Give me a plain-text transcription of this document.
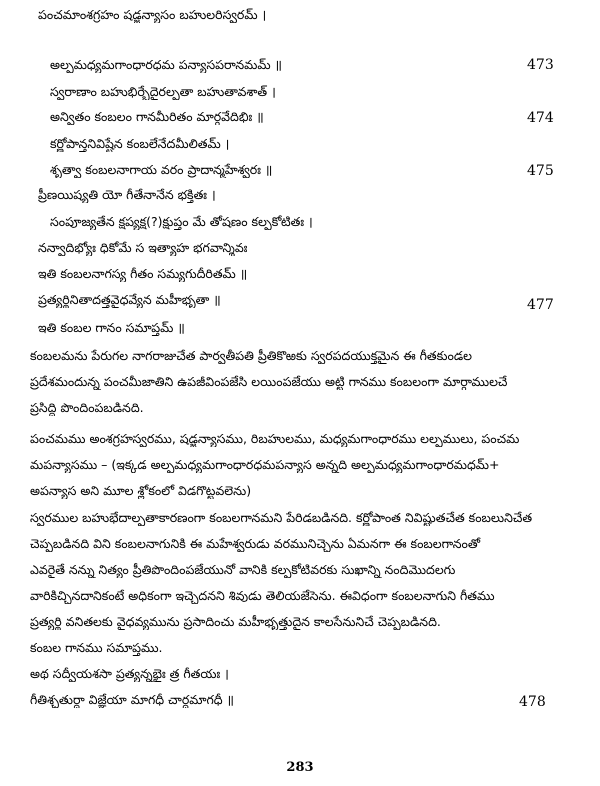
పంచమాంశగ్రహం షడ్జన్యాసం బహులరిస్వరమ్ ।
అల్పమధ్యమగాంధారధమ పన్యాసపరానమమ్ ॥	473
స్వరాణాం బహుభిర్భేదైరల్పతా బహుతావశాత్ ।
అన్వితం కంబలం గానమీరితం మార్గవేదిభిః ॥	474
కర్ణోపాన్తనివిష్టేన కంబలేనేదమీలితమ్ ।
శృత్వా కంబలనాగాయ వరం ప్రాదాన్మహేశ్వరః ॥	475
ప్రీణయిష్యతి యో గీతేనానేన భక్తితః ।
సంపూజ్యతేన క్షప్యక్ష(?)క్షుప్తం మే తోషణం కల్పకోటితః ।
నన్వాదిభ్యోః ధికోమే స ఇత్యాహ భగవాన్శివః
ఇతి కంబలనాగస్య గీతం సమ్యగుదీరితమ్ ॥
ప్రత్యర్థినితాదత్తవైధవ్యేన మహీభృతా ॥	477
ఇతి కంబల గానం సమాప్తమ్ ॥
కంబలమను పేరుగల నాగరాజుచేత పార్వతీపతి ప్రీతికొఱకు స్వరపదయుక్తమైన ఈ గీతకుండల
ప్రదేశమందున్న పంచమీజాతిని ఉపజీవింపజేసి లయింపజేయు అట్టి గానము కంబలంగా మార్గాములచే
ప్రసిద్ధి పొందింపబడినది.
పంచమము అంశగ్రహస్వరము, షడ్జన్యాసము, రిబహులము, మధ్యమగాంధారము లల్పములు, పంచమ
మపన్యాసము – (ఇక్కడ అల్పమధ్యమగాంధారధమపన్యాస అన్నది అల్పమధ్యమగాంధారమధమ్+
అపన్యాస అని మూల శ్లోకంలో విడగొట్టవలెను)
స్వరముల బహుభేదాల్పతాకారణంగా కంబలగానమని పేరిడబడినది. కర్ణోపాంత నివిష్టుతచేత కంబలునిచేత
చెప్పబడినది విని కంబలనాగునికి ఈ మహేశ్వరుడు వరమునిచ్చెను ఏమనగా ఈ కంబలగానంతో
ఎవరైతే నన్ను నిత్యం ప్రీతిపొందింపజేయునో వానికి కల్పకోటివరకు సుఖాన్ని నందిమొదలగు
వారికిచ్చినదానికంటే అధికంగా ఇచ్చెదనని శివుడు తెలియజేసెను. ఈవిధంగా కంబలనాగుని గీతము
ప్రత్యర్థి వనితలకు వైధవ్యమును ప్రసాదించు మహీభృత్తుదైన కాలసేనునిచే చెప్పబడినది.
కంబల గానము సమాప్తము.
అథ సద్వీయశసా ప్రత్యన్నభైః త్ర గీతయః ।
గీతిశ్చతుర్ధా విజ్ఞేయా మాగధీ చార్ధమాగధీ ॥	478
283
